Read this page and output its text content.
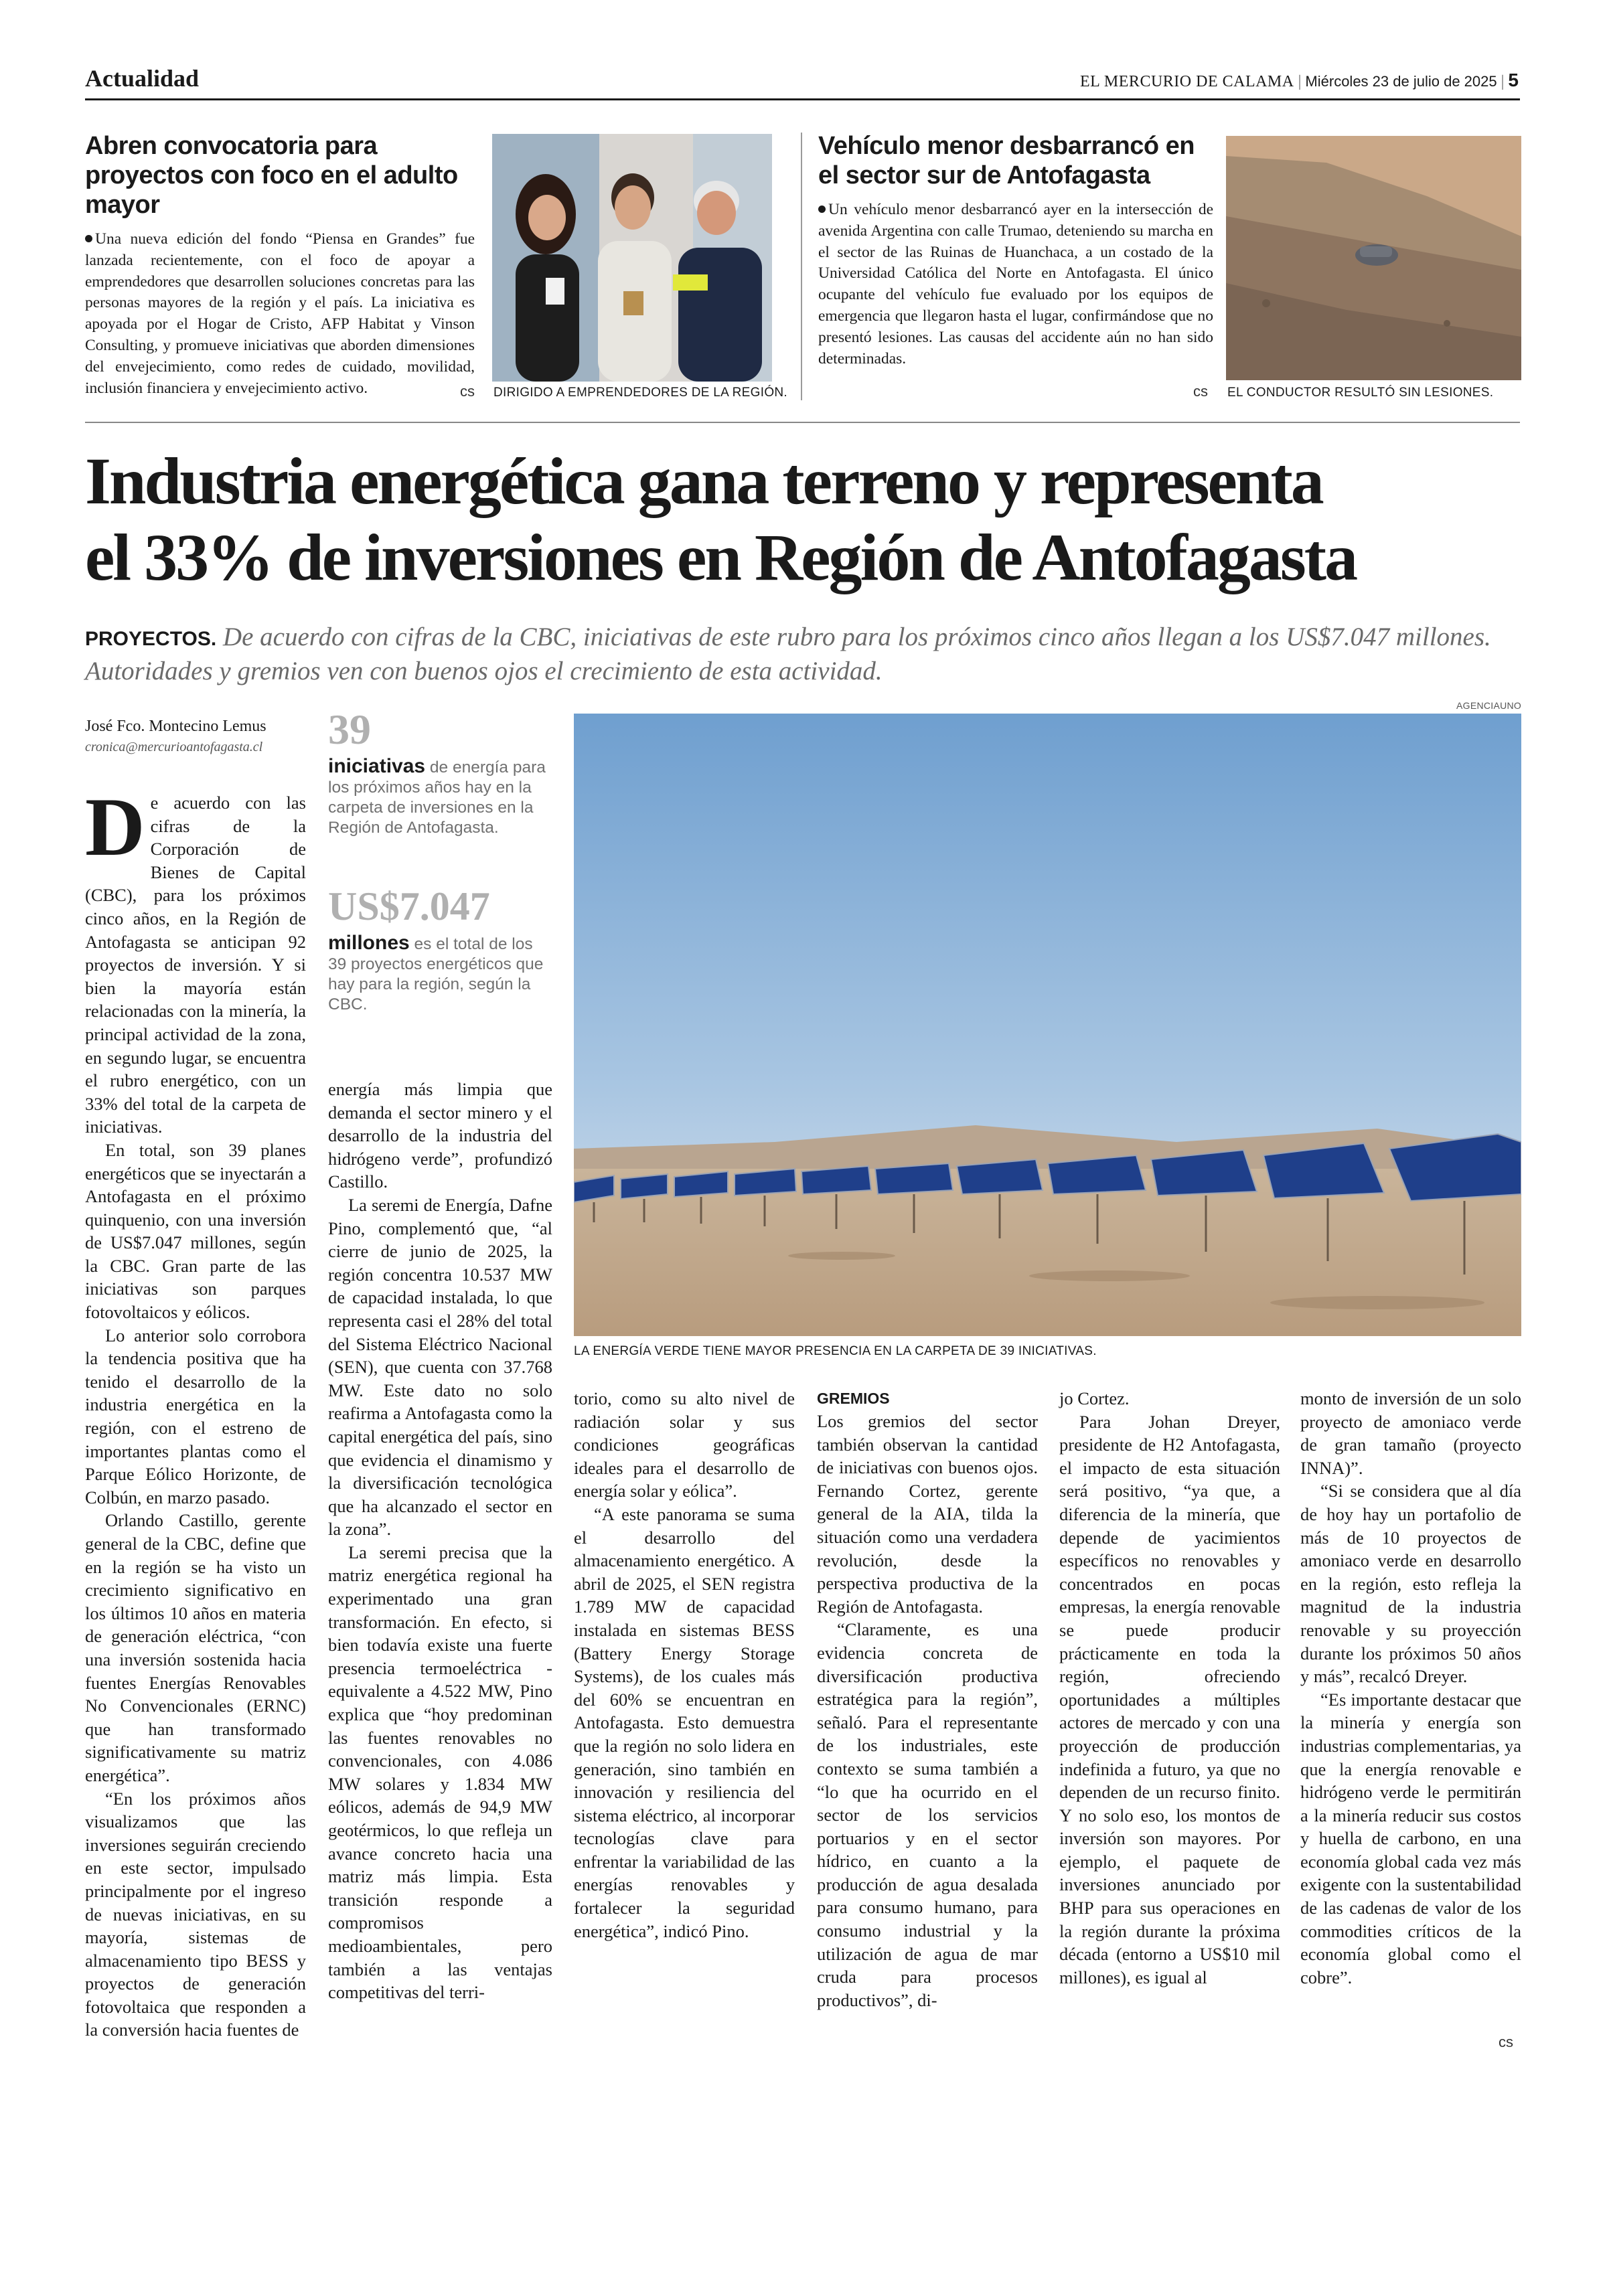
Actualidad	EL MERCURIO DE CALAMA | Miércoles 23 de julio de 2025 | 5
Abren convocatoria para proyectos con foco en el adulto mayor

Una nueva edición del fondo “Piensa en Grandes” fue lanzada recientemente, con el foco de apoyar a emprendedores que desarrollen soluciones concretas para las personas mayores de la región y el país. La iniciativa es apoyada por el Hogar de Cristo, AFP Habitat y Vinson Consulting, y promueve iniciativas que aborden dimensiones del envejecimiento, como redes de cuidado, movilidad, inclusión financiera y envejecimiento activo.	cs DIRIGIDO A EMPRENDEDORES DE LA REGIÓN.
Vehículo menor desbarrancó en el sector sur de Antofagasta

Un vehículo menor desbarrancó ayer en la intersección de avenida Argentina con calle Trumao, deteniendo su marcha en el sector de las Ruinas de Huanchaca, a un costado de la Universidad Católica del Norte en Antofagasta. El único ocupante del vehículo fue evaluado por los equipos de emergencia que llegaron hasta el lugar, confirmándose que no presentó lesiones. Las causas del accidente aún no han sido determinadas.

cs EL CONDUCTOR RESULTÓ SIN LESIONES.
Industria energética gana terreno y representa
el 33% de inversiones en Región de Antofagasta
PROYECTOS. De acuerdo con cifras de la CBC, iniciativas de este rubro para los próximos cinco años llegan a los US$7.047 millones. Autoridades y gremios ven con buenos ojos el crecimiento de esta actividad.
José Fco. Montecino Lemus
cronica@mercurioantofagasta.cl	39
iniciativas de energía para los próximos años hay en la carpeta de inversiones en la Región de Antofagasta.
US$7.047
millones es el total de los 39 proyectos energéticos que hay para la región, según la CBC.
AGENCIAUNO
LA ENERGÍA VERDE TIENE MAYOR PRESENCIA EN LA CARPETA DE 39 INICIATIVAS.

De acuerdo con las cifras de la Corporación de Bienes de Capital (CBC), para los próximos cinco años, en la Región de Antofagasta se anticipan 92 proyectos de inversión. Y si bien la mayoría están relacionadas con la minería, la principal actividad de la zona, en segundo lugar, se encuentra el rubro energético, con un 33% del total de la carpeta de iniciativas.

En total, son 39 planes energéticos que se inyectarán a Antofagasta en el próximo quinquenio, con una inversión de US$7.047 millones, según la CBC. Gran parte de las iniciativas son parques fotovoltaicos y eólicos.

Lo anterior solo corrobora la tendencia positiva que ha tenido el desarrollo de la industria energética en la región, con el estreno de importantes plantas como el Parque Eólico Horizonte, de Colbún, en marzo pasado.

Orlando Castillo, gerente general de la CBC, define que en la región se ha visto un crecimiento significativo en los últimos 10 años en materia de generación eléctrica, “con una inversión sostenida hacia fuentes Energías Renovables No Convencionales (ERNC) que han transformado significativamente su matriz energética”.

“En los próximos años visualizamos que las inversiones seguirán creciendo en este sector, impulsado principalmente por el ingreso de nuevas iniciativas, en su mayoría, sistemas de almacenamiento tipo BESS y proyectos de generación fotovoltaica que responden a la conversión hacia fuentes de

energía más limpia que demanda el sector minero y el desarrollo de la industria del hidrógeno verde”, profundizó Castillo.

La seremi de Energía, Dafne Pino, complementó que, “al cierre de junio de 2025, la región concentra 10.537 MW de capacidad instalada, lo que representa casi el 28% del total del Sistema Eléctrico Nacional (SEN), que cuenta con 37.768 MW. Este dato no solo reafirma a Antofagasta como la capital energética del país, sino que evidencia el dinamismo y la diversificación tecnológica que ha alcanzado el sector en la zona”.

La seremi precisa que la matriz energética regional ha experimentado una gran transformación. En efecto, si bien todavía existe una fuerte presencia termoeléctrica - equivalente a 4.522 MW, Pino explica que “hoy predominan las fuentes renovables no convencionales, con 4.086 MW solares y 1.834 MW eólicos, además de 94,9 MW geotérmicos, lo que refleja un avance concreto hacia una matriz más limpia. Esta transición responde a compromisos medioambientales, pero también a las ventajas competitivas del terri-

torio, como su alto nivel de radiación solar y sus condiciones geográficas ideales para el desarrollo de energía solar y eólica”.

“A este panorama se suma el desarrollo del almacenamiento energético. A abril de 2025, el SEN registra 1.789 MW de capacidad instalada en sistemas BESS (Battery Energy Storage Systems), de los cuales más del 60% se encuentran en Antofagasta. Esto demuestra que la región no solo lidera en generación, sino también en innovación y resiliencia del sistema eléctrico, al incorporar tecnologías clave para enfrentar la variabilidad de las energías renovables y fortalecer la seguridad energética”, indicó Pino.

GREMIOS

Los gremios del sector también observan la cantidad de iniciativas con buenos ojos. Fernando Cortez, gerente general de la AIA, tilda la situación como una verdadera revolución, desde la perspectiva productiva de la Región de Antofagasta.

“Claramente, es una evidencia concreta de diversificación productiva estratégica para la región”, señaló. Para el representante de los industriales, este contexto se suma también a “lo que ha ocurrido en el sector de los servicios portuarios y en el sector hídrico, en cuanto a la producción de agua desalada para consumo humano, para consumo industrial y la utilización de agua de mar cruda para procesos productivos”, di-

jo Cortez.

Para Johan Dreyer, presidente de H2 Antofagasta, el impacto de esta situación será positivo, “ya que, a diferencia de la minería, que depende de yacimientos específicos no renovables y concentrados en pocas empresas, la energía renovable se puede producir prácticamente en toda la región, ofreciendo oportunidades a múltiples actores de mercado y con una proyección de producción indefinida a futuro, ya que no dependen de un recurso finito. Y no solo eso, los montos de inversión son mayores. Por ejemplo, el paquete de inversiones anunciado por BHP para sus operaciones en la región durante la próxima década (entorno a US$10 mil millones), es igual al

monto de inversión de un solo proyecto de amoniaco verde de gran tamaño (proyecto INNA)”.

“Si se considera que al día de hoy hay un portafolio de más de 10 proyectos de amoniaco verde en desarrollo en la región, esto refleja la magnitud de la industria renovable y su proyección durante los próximos 50 años y más”, recalcó Dreyer.

“Es importante destacar que la minería y energía son industrias complementarias, ya que la energía renovable e hidrógeno verde le permitirán a la minería reducir sus costos y huella de carbono, en una economía global cada vez más exigente con la sustentabilidad de las cadenas de valor de los commodities críticos de la economía global como el cobre”.

cs
